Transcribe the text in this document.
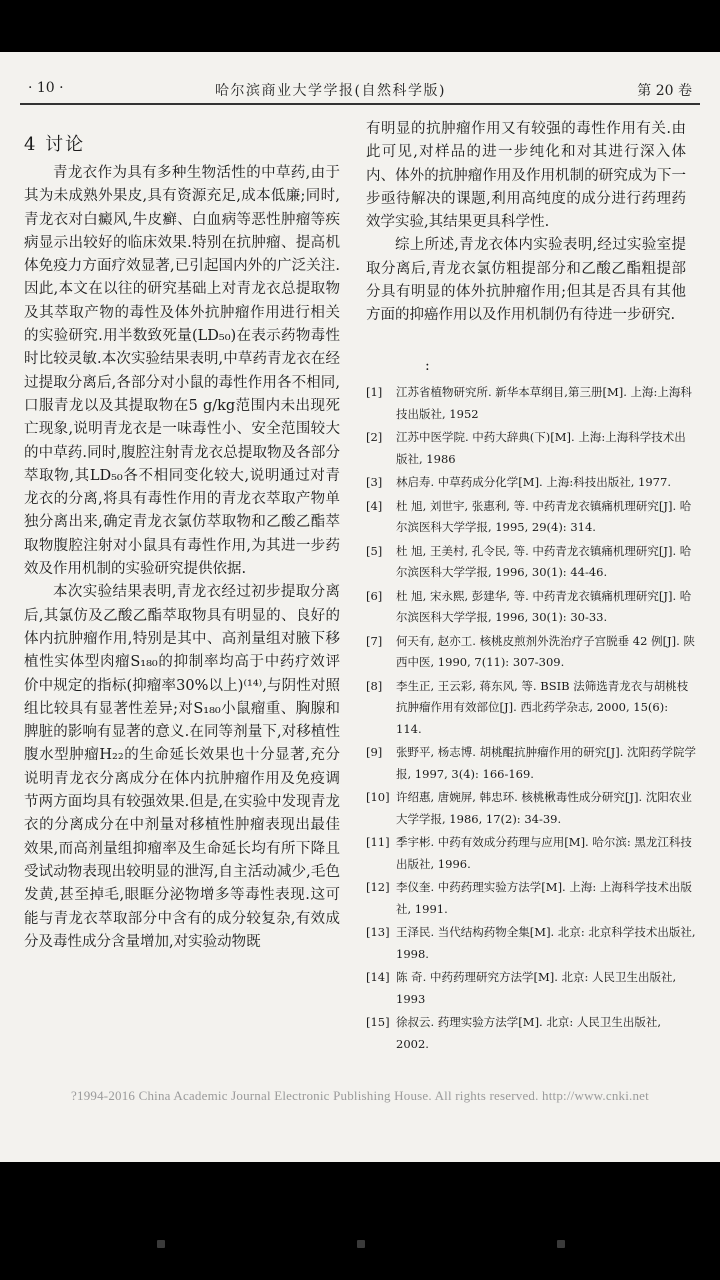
· 10 ·	哈尔滨商业大学学报(自然科学版)	第 20 卷
4 讨论

青龙衣作为具有多种生物活性的中草药,由于其为未成熟外果皮,具有资源充足,成本低廉;同时,青龙衣对白癜风,牛皮癣、白血病等恶性肿瘤等疾病显示出较好的临床效果.特别在抗肿瘤、提高机体免疫力方面疗效显著,已引起国内外的广泛关注.因此,本文在以往的研究基础上对青龙衣总提取物及其萃取产物的毒性及体外抗肿瘤作用进行相关的实验研究.用半数致死量(LD₅₀)在表示药物毒性时比较灵敏.本次实验结果表明,中草药青龙衣在经过提取分离后,各部分对小鼠的毒性作用各不相同,口服青龙以及其提取物在5 g/kg范围内未出现死亡现象,说明青龙衣是一味毒性小、安全范围较大的中草药.同时,腹腔注射青龙衣总提取物及各部分萃取物,其LD₅₀各不相同变化较大,说明通过对青龙衣的分离,将具有毒性作用的青龙衣萃取产物单独分离出来,确定青龙衣氯仿萃取物和乙酸乙酯萃取物腹腔注射对小鼠具有毒性作用,为其进一步药效及作用机制的实验研究提供依据.

本次实验结果表明,青龙衣经过初步提取分离后,其氯仿及乙酸乙酯萃取物具有明显的、良好的体内抗肿瘤作用,特别是其中、高剂量组对腋下移植性实体型肉瘤S₁₈₀的抑制率均高于中药疗效评价中规定的指标(抑瘤率30%以上)⁽¹⁴⁾,与阴性对照组比较具有显著性差异;对S₁₈₀小鼠瘤重、胸腺和脾脏的影响有显著的意义.在同等剂量下,对移植性腹水型肿瘤H₂₂的生命延长效果也十分显著,充分说明青龙衣分离成分在体内抗肿瘤作用及免疫调节两方面均具有较强效果.但是,在实验中发现青龙衣的分离成分在中剂量对移植性肿瘤表现出最佳效果,而高剂量组抑瘤率及生命延长均有所下降且受试动物表现出较明显的泄泻,自主活动减少,毛色发黄,甚至掉毛,眼眶分泌物增多等毒性表现.这可能与青龙衣萃取部分中含有的成分较复杂,有效成分及毒性成分含量增加,对实验动物既

有明显的抗肿瘤作用又有较强的毒性作用有关.由此可见,对样品的进一步纯化和对其进行深入体内、体外的抗肿瘤作用及作用机制的研究成为下一步亟待解决的课题,利用高纯度的成分进行药理药效学实验,其结果更具科学性.

综上所述,青龙衣体内实验表明,经过实验室提取分离后,青龙衣氯仿粗提部分和乙酸乙酯粗提部分具有明显的体外抗肿瘤作用;但其是否具有其他方面的抑癌作用以及作用机制仍有待进一步研究.

:
[1]	江苏省植物研究所. 新华本草纲目,第三册[M]. 上海:上海科技出版社, 1952
[2]	江苏中医学院. 中药大辞典(下)[M]. 上海:上海科学技术出版社, 1986
[3]	林启寿. 中草药成分化学[M]. 上海:科技出版社, 1977.
[4]	杜 旭, 刘世宇, 张惠利, 等. 中药青龙衣镇痛机理研究[J]. 哈尔滨医科大学学报, 1995, 29(4): 314.
[5]	杜 旭, 王美村, 孔令民, 等. 中药青龙衣镇痛机理研究[J]. 哈尔滨医科大学学报, 1996, 30(1): 44-46.
[6]	杜 旭, 宋永熙, 彭建华, 等. 中药青龙衣镇痛机理研究[J]. 哈尔滨医科大学学报, 1996, 30(1): 30-33.
[7]	何天有, 赵亦工. 核桃皮煎剂外洗治疗子宫脱垂 42 例[J]. 陕西中医, 1990, 7(11): 307-309.
[8]	李生正, 王云彩, 蒋东风, 等. BSIB 法筛选青龙衣与胡桃枝抗肿瘤作用有效部位[J]. 西北药学杂志, 2000, 15(6): 114.
[9]	张野平, 杨志博. 胡桃醌抗肿瘤作用的研究[J]. 沈阳药学院学报, 1997, 3(4): 166-169.
[10] 许绍惠, 唐婉屏, 韩忠环. 核桃楸毒性成分研究[J]. 沈阳农业大学学报, 1986, 17(2): 34-39.
[11] 季宇彬. 中药有效成分药理与应用[M]. 哈尔滨: 黑龙江科技出版社, 1996.
[12] 李仪奎. 中药药理实验方法学[M]. 上海: 上海科学技术出版社, 1991.
[13] 王泽民. 当代结构药物全集[M]. 北京: 北京科学技术出版社, 1998.
[14] 陈 奇. 中药药理研究方法学[M]. 北京: 人民卫生出版社, 1993
[15] 徐叔云. 药理实验方法学[M]. 北京: 人民卫生出版社, 2002.
?1994-2016 China Academic Journal Electronic Publishing House. All rights reserved. http://www.cnki.net
